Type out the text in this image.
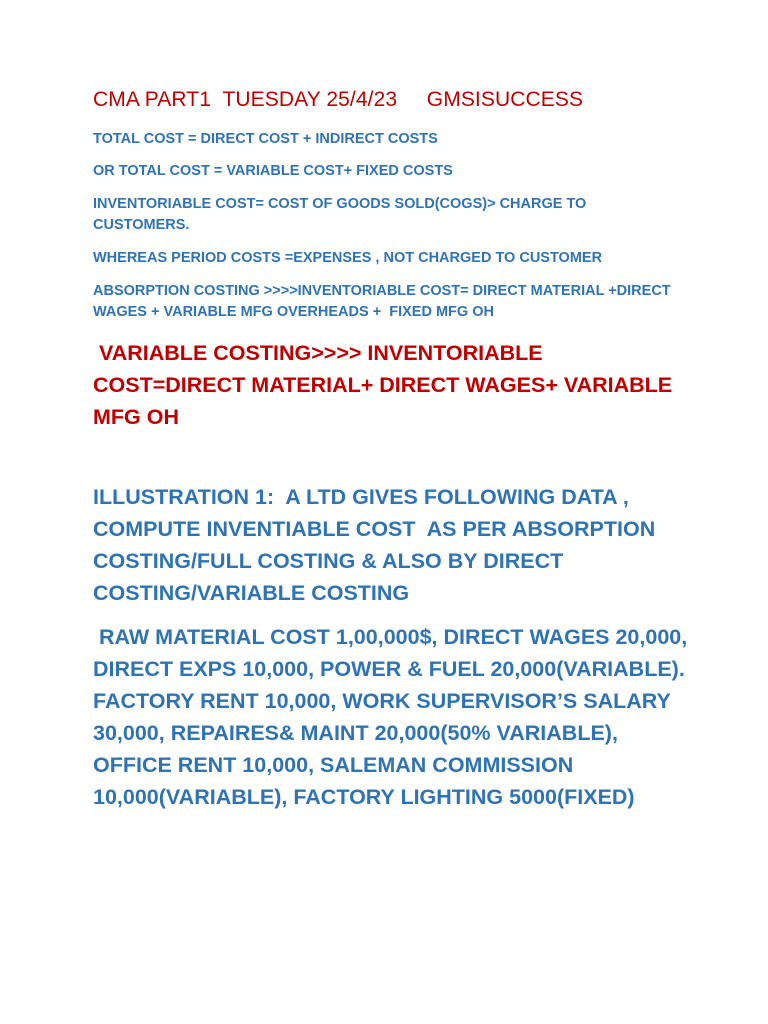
CMA PART1  TUESDAY 25/4/23     GMSISUCCESS
TOTAL COST = DIRECT COST + INDIRECT COSTS
OR TOTAL COST = VARIABLE COST+ FIXED COSTS
INVENTORIABLE COST= COST OF GOODS SOLD(COGS)> CHARGE TO CUSTOMERS.
WHEREAS PERIOD COSTS =EXPENSES , NOT CHARGED TO CUSTOMER
ABSORPTION COSTING >>>>INVENTORIABLE COST= DIRECT MATERIAL +DIRECT WAGES + VARIABLE MFG OVERHEADS +  FIXED MFG OH
VARIABLE COSTING>>>> INVENTORIABLE COST=DIRECT MATERIAL+ DIRECT WAGES+ VARIABLE MFG OH
ILLUSTRATION 1:  A LTD GIVES FOLLOWING DATA , COMPUTE INVENTIABLE COST  AS PER ABSORPTION COSTING/FULL COSTING & ALSO BY DIRECT COSTING/VARIABLE COSTING
RAW MATERIAL COST 1,00,000$, DIRECT WAGES 20,000, DIRECT EXPS 10,000, POWER & FUEL 20,000(VARIABLE). FACTORY RENT 10,000, WORK SUPERVISOR’S SALARY 30,000, REPAIRES& MAINT 20,000(50% VARIABLE), OFFICE RENT 10,000, SALEMAN COMMISSION 10,000(VARIABLE), FACTORY LIGHTING 5000(FIXED)
